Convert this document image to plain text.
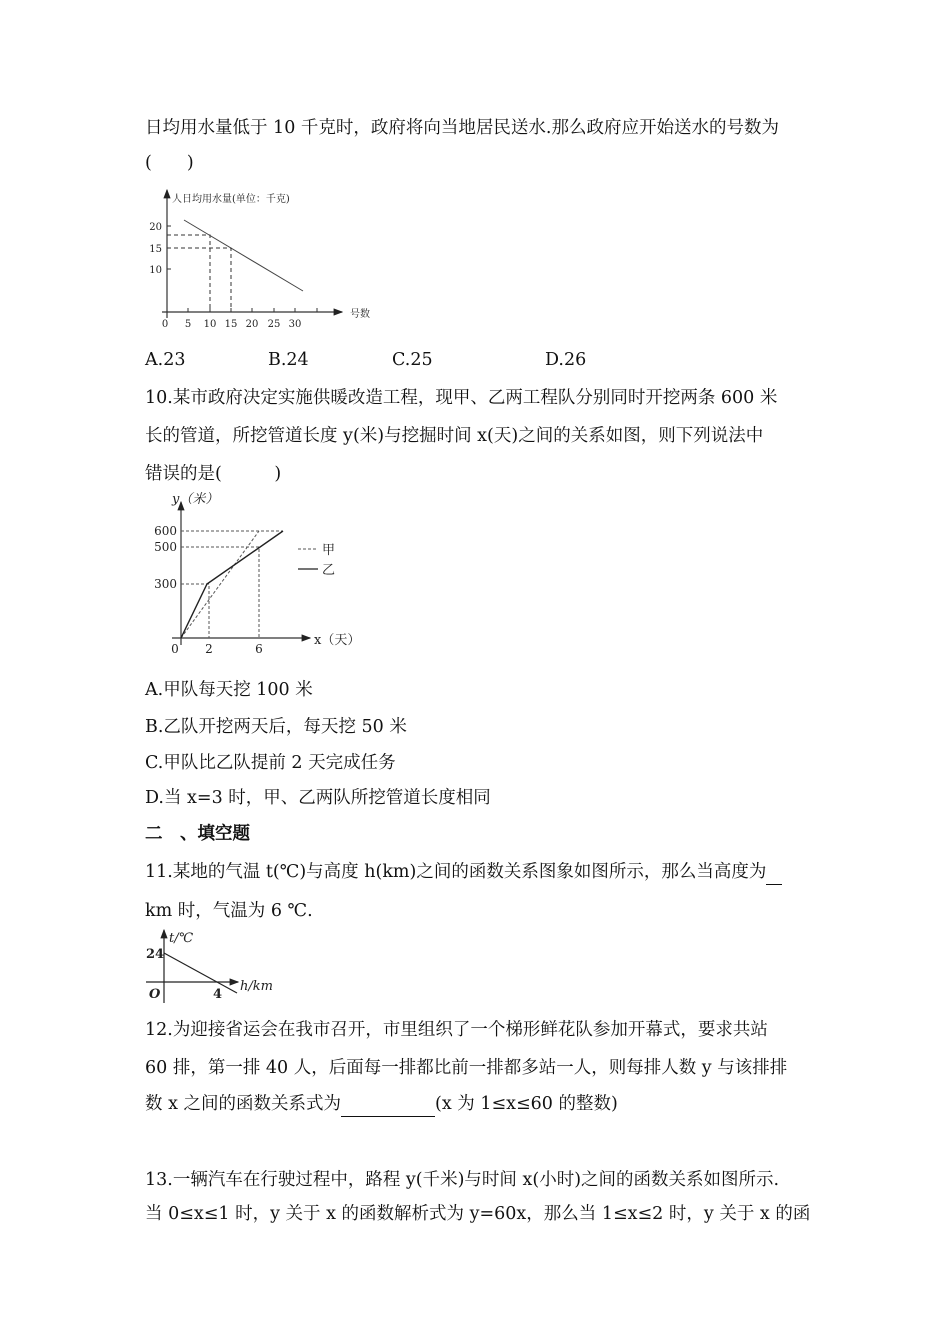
日均用水量低于 10 千克时，政府将向当地居民送水.那么政府应开始送水的号数为
(　　)
人日均用水量(单位：千克)
号数
0 5 10 15 20 25 30
20
15
10
y（米）
x（天）
0 2	6
600
500
300
甲
乙
t/℃
h/km
24
4
O
A.23	B.24	C.25	D.26
10.某市政府决定实施供暖改造工程，现甲、乙两工程队分别同时开挖两条 600 米
长的管道，所挖管道长度 y(米)与挖掘时间 x(天)之间的关系如图，则下列说法中
错误的是(　　　)
A.甲队每天挖 100 米
B.乙队开挖两天后，每天挖 50 米
C.甲队比乙队提前 2 天完成任务
D.当 x=3 时，甲、乙两队所挖管道长度相同
二　、填空题
11.某地的气温 t(℃)与高度 h(km)之间的函数关系图象如图所示，那么当高度为
km 时，气温为 6 ℃.
12.为迎接省运会在我市召开，市里组织了一个梯形鲜花队参加开幕式，要求共站
60 排，第一排 40 人，后面每一排都比前一排都多站一人，则每排人数 y 与该排排
数 x 之间的函数关系式为	(x 为 1≤x≤60 的整数)
13.一辆汽车在行驶过程中，路程 y(千米)与时间 x(小时)之间的函数关系如图所示.
当 0≤x≤1 时，y 关于 x 的函数解析式为 y=60x，那么当 1≤x≤2 时，y 关于 x 的函
